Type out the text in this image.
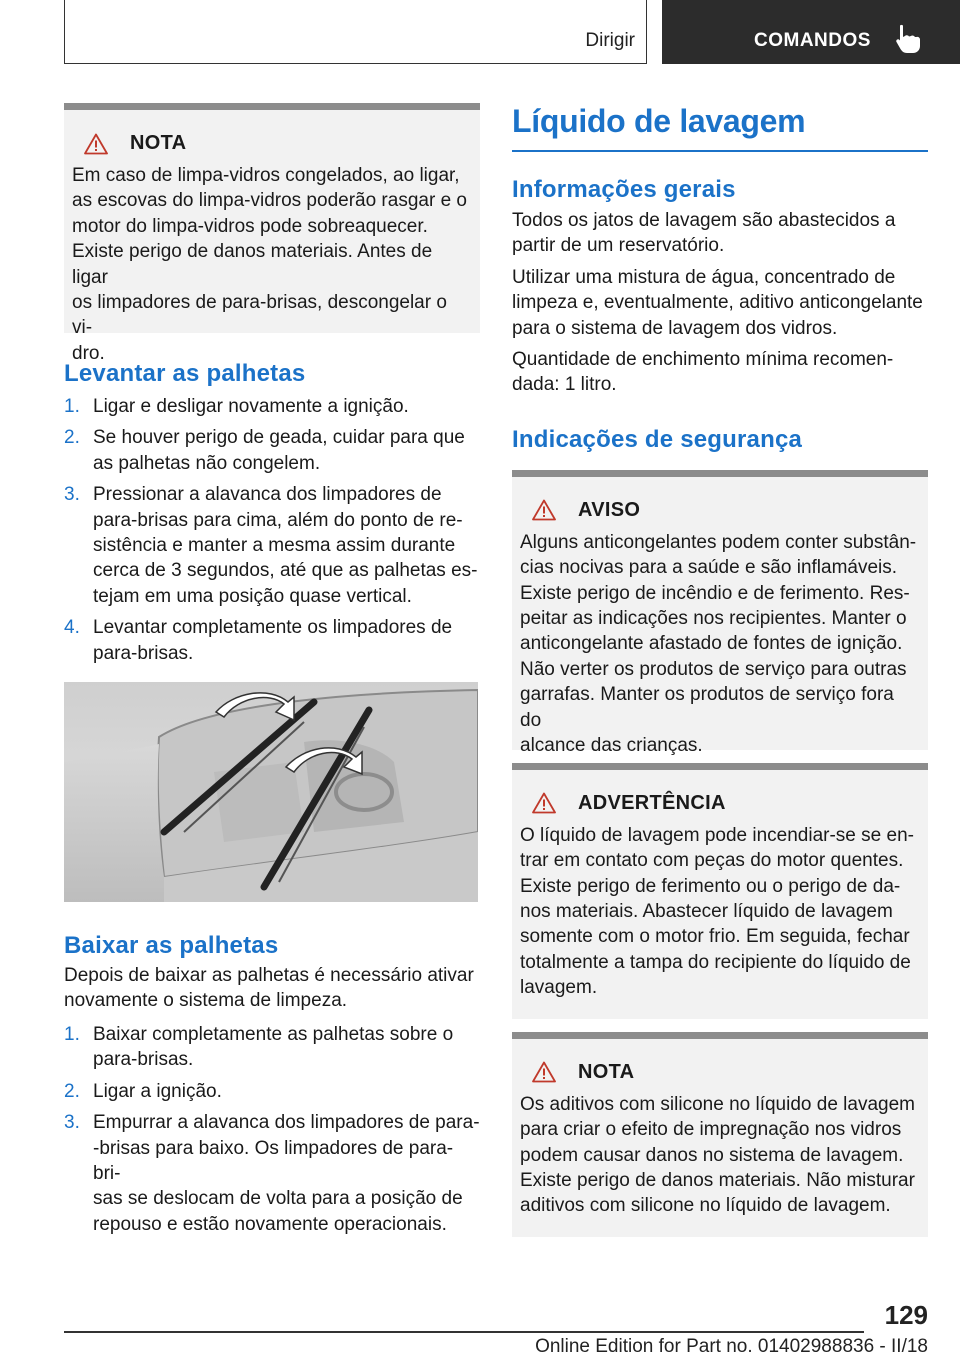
Dirigir	COMANDOS
NOTA

Em caso de limpa-vidros congelados, ao ligar,

as escovas do limpa-vidros poderão rasgar e o

motor do limpa-vidros pode sobreaquecer.

Existe perigo de danos materiais. Antes de ligar

os limpadores de para-brisas, descongelar o vi‐

dro.

Levantar as palhetas
1. Ligar e desligar novamente a ignição.
2. Se houver perigo de geada, cuidar para que
as palhetas não congelem.
3. Pressionar a alavanca dos limpadores de
para-brisas para cima, além do ponto de re‐
sistência e manter a mesma assim durante
cerca de 3 segundos, até que as palhetas es‐
tejam em uma posição quase vertical.
4. Levantar completamente os limpadores de
para-brisas.
Baixar as palhetas

Depois de baixar as palhetas é necessário ativar
novamente o sistema de limpeza.

1. Baixar completamente as palhetas sobre o
para-brisas.
2. Ligar a ignição.
3. Empurrar a alavanca dos limpadores de para‐
‐brisas para baixo. Os limpadores de para-bri‐
sas se deslocam de volta para a posição de
repouso e estão novamente operacionais.
Líquido de lavagem
Informações gerais

Todos os jatos de lavagem são abastecidos a
partir de um reservatório.

Utilizar uma mistura de água, concentrado de
limpeza e, eventualmente, aditivo anticongelante
para o sistema de lavagem dos vidros.

Quantidade de enchimento mínima recomen‐
dada: 1 litro.

Indicações de segurança
AVISO

Alguns anticongelantes podem conter substân‐

cias nocivas para a saúde e são inflamáveis.

Existe perigo de incêndio e de ferimento. Res‐

peitar as indicações nos recipientes. Manter o

anticongelante afastado de fontes de ignição.

Não verter os produtos de serviço para outras

garrafas. Manter os produtos de serviço fora do

alcance das crianças.

ADVERTÊNCIA

O líquido de lavagem pode incendiar-se se en‐

trar em contato com peças do motor quentes.

Existe perigo de ferimento ou o perigo de da‐

nos materiais. Abastecer líquido de lavagem

somente com o motor frio. Em seguida, fechar

totalmente a tampa do recipiente do líquido de

lavagem.

NOTA

Os aditivos com silicone no líquido de lavagem

para criar o efeito de impregnação nos vidros

podem causar danos no sistema de lavagem.

Existe perigo de danos materiais. Não misturar

aditivos com silicone no líquido de lavagem.

129
Online Edition for Part no. 01402988836 - II/18
